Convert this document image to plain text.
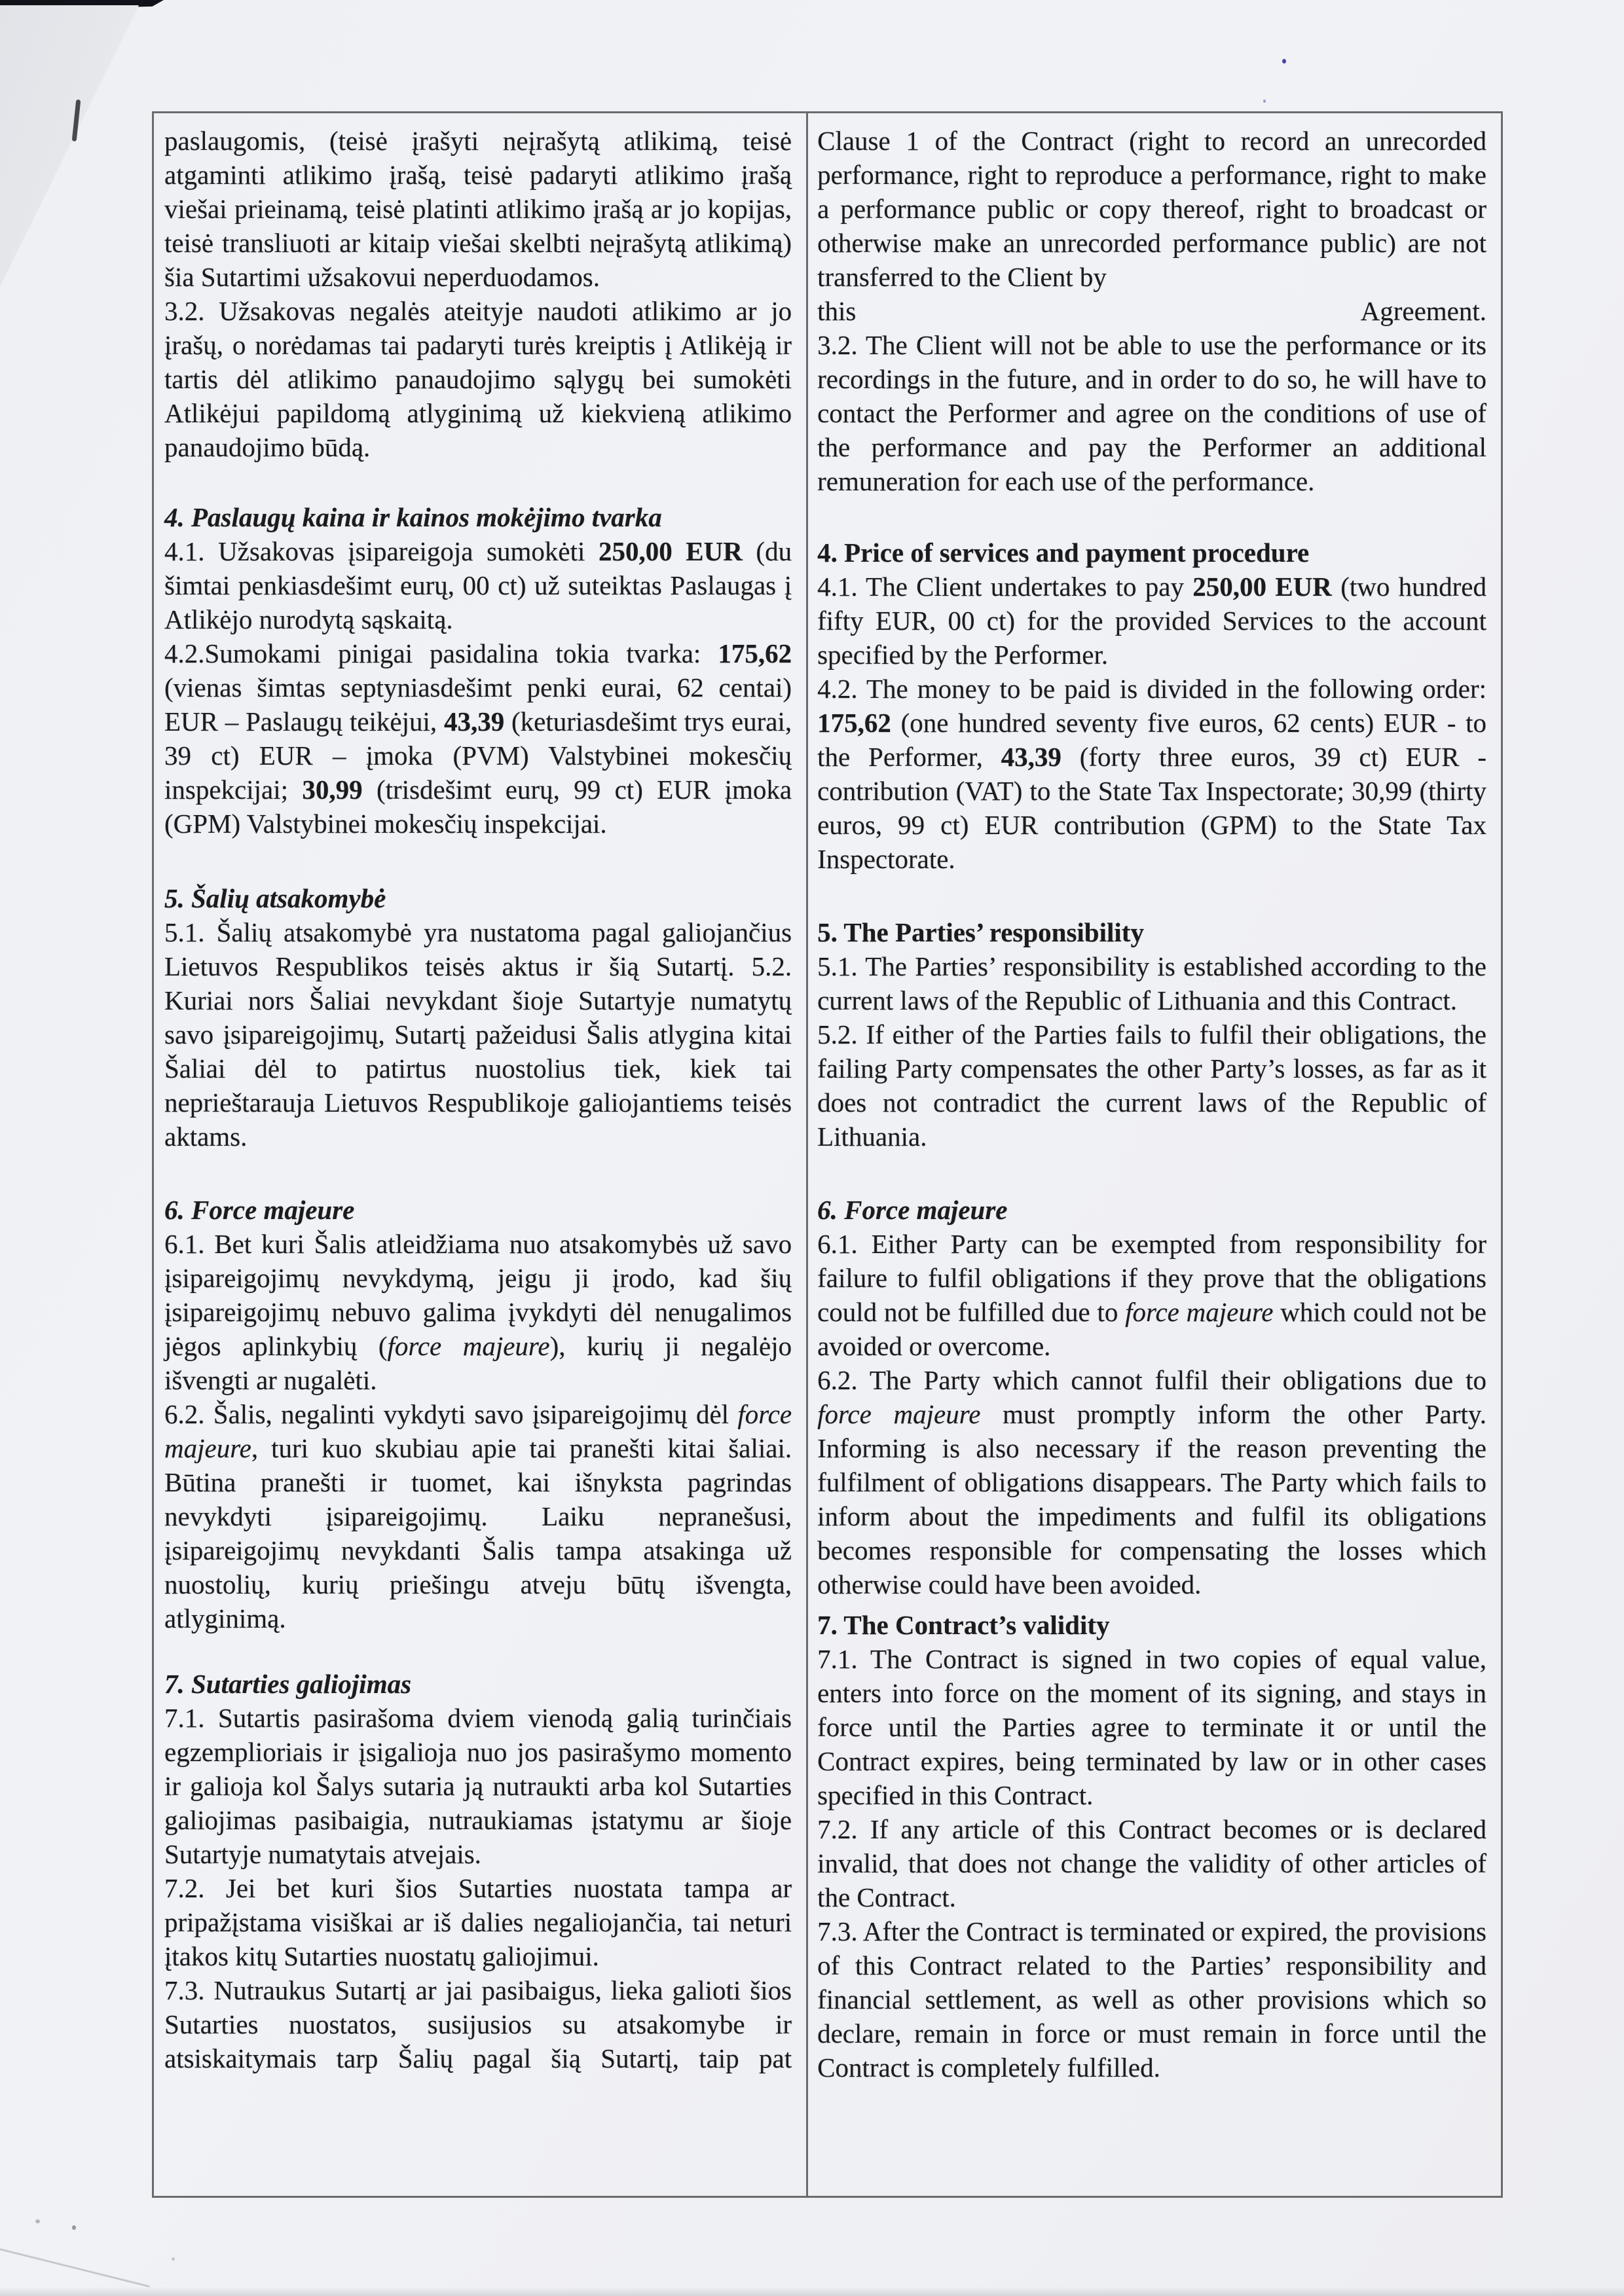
paslaugomis, (teisė įrašyti neįrašytą atlikimą, teisė atgaminti atlikimo įrašą, teisė padaryti atlikimo įrašą viešai prieinamą, teisė platinti atlikimo įrašą ar jo kopijas, teisė transliuoti ar kitaip viešai skelbti neįrašytą atlikimą) šia Sutartimi užsakovui neperduodamos.

3.2. Užsakovas negalės ateityje naudoti atlikimo ar jo įrašų, o norėdamas tai padaryti turės kreiptis į Atlikėją ir tartis dėl atlikimo panaudojimo sąlygų bei sumokėti Atlikėjui papildomą atlyginimą už kiekvieną atlikimo panaudojimo būdą.

4. Paslaugų kaina ir kainos mokėjimo tvarka

4.1. Užsakovas įsipareigoja sumokėti 250,00 EUR (du šimtai penkiasdešimt eurų, 00 ct) už suteiktas Paslaugas į Atlikėjo nurodytą sąskaitą.

4.2.Sumokami pinigai pasidalina tokia tvarka: 175,62 (vienas šimtas septyniasdešimt penki eurai, 62 centai) EUR – Paslaugų teikėjui, 43,39 (keturiasdešimt trys eurai, 39 ct) EUR – įmoka (PVM) Valstybinei mokesčių inspekcijai; 30,99 (trisdešimt eurų, 99 ct) EUR įmoka (GPM) Valstybinei mokesčių inspekcijai.

5. Šalių atsakomybė

5.1. Šalių atsakomybė yra nustatoma pagal galiojančius Lietuvos Respublikos teisės aktus ir šią Sutartį. 5.2. Kuriai nors Šaliai nevykdant šioje Sutartyje numatytų savo įsipareigojimų, Sutartį pažeidusi Šalis atlygina kitai Šaliai dėl to patirtus nuostolius tiek, kiek tai neprieštarauja Lietuvos Respublikoje galiojantiems teisės aktams.

6. Force majeure

6.1. Bet kuri Šalis atleidžiama nuo atsakomybės už savo įsipareigojimų nevykdymą, jeigu ji įrodo, kad šių įsipareigojimų nebuvo galima įvykdyti dėl nenugalimos jėgos aplinkybių (force majeure), kurių ji negalėjo išvengti ar nugalėti.

6.2. Šalis, negalinti vykdyti savo įsipareigojimų dėl force majeure, turi kuo skubiau apie tai pranešti kitai šaliai. Būtina pranešti ir tuomet, kai išnyksta pagrindas nevykdyti įsipareigojimų. Laiku nepranešusi, įsipareigojimų nevykdanti Šalis tampa atsakinga už nuostolių, kurių priešingu atveju būtų išvengta, atlyginimą.

7. Sutarties galiojimas

7.1. Sutartis pasirašoma dviem vienodą galią turinčiais egzemplioriais ir įsigalioja nuo jos pasirašymo momento ir galioja kol Šalys sutaria ją nutraukti arba kol Sutarties galiojimas pasibaigia, nutraukiamas įstatymu ar šioje Sutartyje numatytais atvejais.

7.2. Jei bet kuri šios Sutarties nuostata tampa ar pripažįstama visiškai ar iš dalies negaliojančia, tai neturi įtakos kitų Sutarties nuostatų galiojimui.

7.3. Nutraukus Sutartį ar jai pasibaigus, lieka galioti šios Sutarties nuostatos, susijusios su atsakomybe ir atsiskaitymais tarp Šalių pagal šią Sutartį, taip pat

Clause 1 of the Contract (right to record an unrecorded performance, right to reproduce a performance, right to make a performance public or copy thereof, right to broadcast or otherwise make an unrecorded performance public) are not transferred to the Client by

this	Agreement.

3.2. The Client will not be able to use the performance or its recordings in the future, and in order to do so, he will have to contact the Performer and agree on the conditions of use of the performance and pay the Performer an additional remuneration for each use of the performance.

4. Price of services and payment procedure

4.1. The Client undertakes to pay 250,00 EUR (two hundred fifty EUR, 00 ct) for the provided Services to the account specified by the Performer.

4.2. The money to be paid is divided in the following order: 175,62 (one hundred seventy five euros, 62 cents) EUR - to the Performer, 43,39 (forty three euros, 39 ct) EUR - contribution (VAT) to the State Tax Inspectorate; 30,99 (thirty euros, 99 ct) EUR contribution (GPM) to the State Tax Inspectorate.

5. The Parties’ responsibility

5.1. The Parties’ responsibility is established according to the current laws of the Republic of Lithuania and this Contract.

5.2. If either of the Parties fails to fulfil their obligations, the failing Party compensates the other Party’s losses, as far as it does not contradict the current laws of the Republic of Lithuania.

6. Force majeure

6.1. Either Party can be exempted from responsibility for failure to fulfil obligations if they prove that the obligations could not be fulfilled due to force majeure which could not be avoided or overcome.

6.2. The Party which cannot fulfil their obligations due to force majeure must promptly inform the other Party. Informing is also necessary if the reason preventing the fulfilment of obligations disappears. The Party which fails to inform about the impediments and fulfil its obligations becomes responsible for compensating the losses which otherwise could have been avoided.

7. The Contract’s validity

7.1. The Contract is signed in two copies of equal value, enters into force on the moment of its signing, and stays in force until the Parties agree to terminate it or until the Contract expires, being terminated by law or in other cases specified in this Contract.

7.2. If any article of this Contract becomes or is declared invalid, that does not change the validity of other articles of the Contract.

7.3. After the Contract is terminated or expired, the provisions of this Contract related to the Parties’ responsibility and financial settlement, as well as other provisions which so declare, remain in force or must remain in force until the Contract is completely fulfilled.
